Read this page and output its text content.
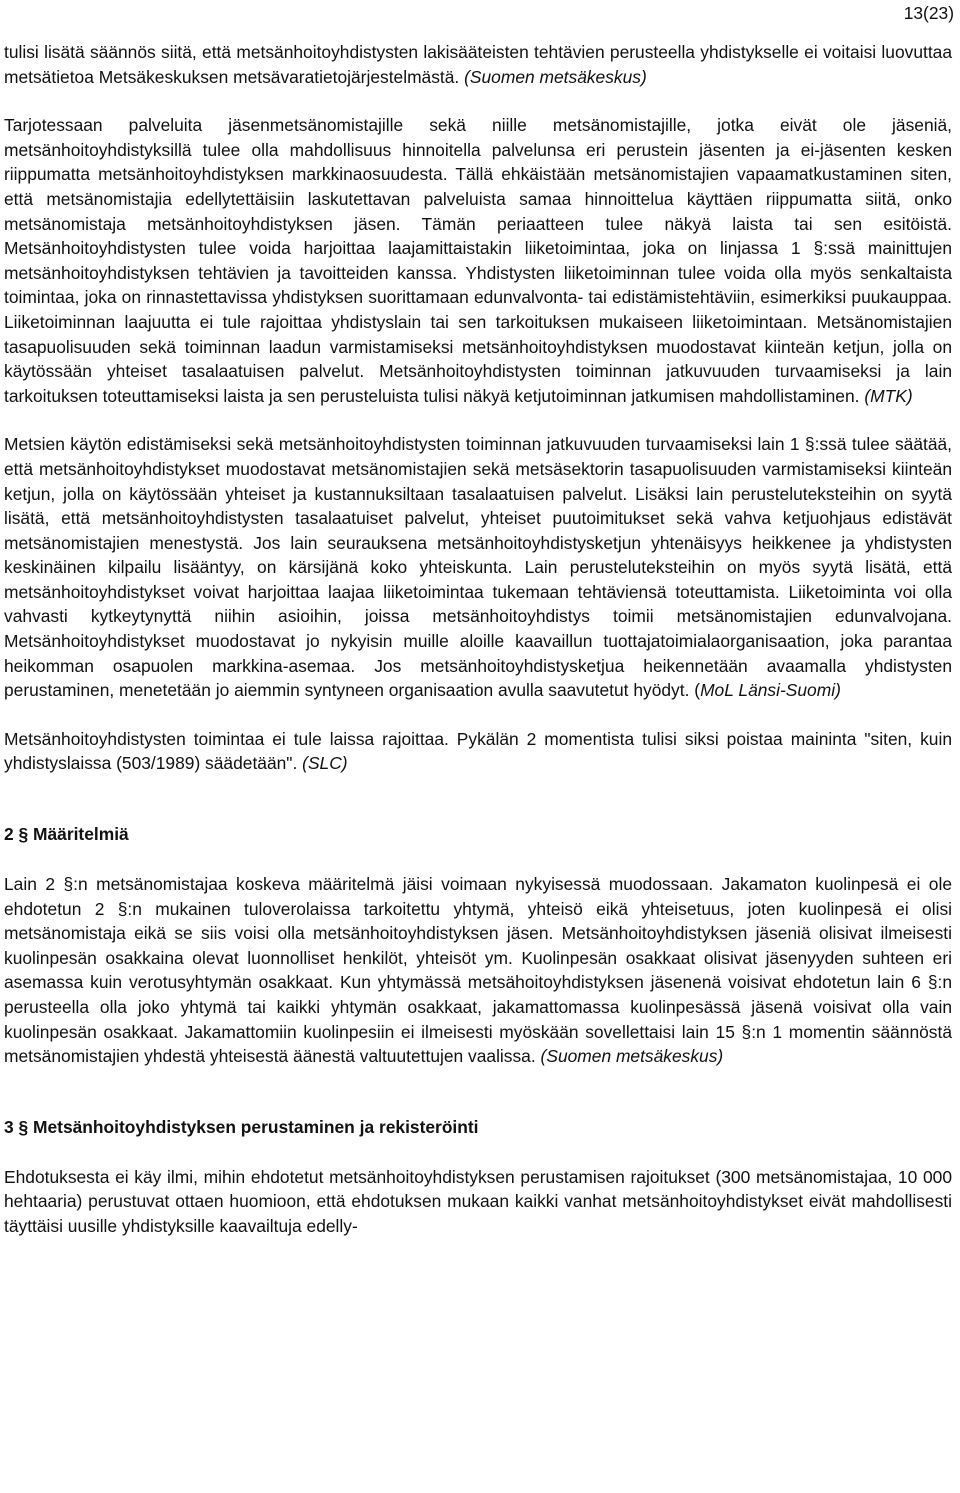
13(23)

tulisi lisätä säännös siitä, että metsänhoitoyhdistysten lakisääteisten tehtävien perusteella yhdistykselle ei voitaisi luovuttaa metsätietoa Metsäkeskuksen metsävaratietojärjestelmästä. (Suomen metsäkeskus)

Tarjotessaan palveluita jäsenmetsänomistajille sekä niille metsänomistajille, jotka eivät ole jäseniä, metsänhoitoyhdistyksillä tulee olla mahdollisuus hinnoitella palvelunsa eri perustein jäsenten ja ei-jäsenten kesken riippumatta metsänhoitoyhdistyksen markkinaosuudesta. Tällä ehkäistään metsänomistajien vapaamatkustaminen siten, että metsänomistajia edellytettäisiin laskutettavan palveluista samaa hinnoittelua käyttäen riippumatta siitä, onko metsänomistaja metsänhoitoyhdistyksen jäsen. Tämän periaatteen tulee näkyä laista tai sen esitöistä. Metsänhoitoyhdistysten tulee voida harjoittaa laajamittaistakin liiketoimintaa, joka on linjassa 1 §:ssä mainittujen metsänhoitoyhdistyksen tehtävien ja tavoitteiden kanssa. Yhdistysten liiketoiminnan tulee voida olla myös senkaltaista toimintaa, joka on rinnastettavissa yhdistyksen suorittamaan edunvalvonta- tai edistämistehtäviin, esimerkiksi puukauppaa. Liiketoiminnan laajuutta ei tule rajoittaa yhdistyslain tai sen tarkoituksen mukaiseen liiketoimintaan. Metsänomistajien tasapuolisuuden sekä toiminnan laadun varmistamiseksi metsänhoitoyhdistyksen muodostavat kiinteän ketjun, jolla on käytössään yhteiset tasalaatuisen palvelut. Metsänhoitoyhdistysten toiminnan jatkuvuuden turvaamiseksi ja lain tarkoituksen toteuttamiseksi laista ja sen perusteluista tulisi näkyä ketjutoiminnan jatkumisen mahdollistaminen. (MTK)

Metsien käytön edistämiseksi sekä metsänhoitoyhdistysten toiminnan jatkuvuuden turvaamiseksi lain 1 §:ssä tulee säätää, että metsänhoitoyhdistykset muodostavat metsänomistajien sekä metsäsektorin tasapuolisuuden varmistamiseksi kiinteän ketjun, jolla on käytössään yhteiset ja kustannuksiltaan tasalaatuisen palvelut. Lisäksi lain perusteluteksteihin on syytä lisätä, että metsänhoitoyhdistysten tasalaatuiset palvelut, yhteiset puutoimitukset sekä vahva ketjuohjaus edistävät metsänomistajien menestystä. Jos lain seurauksena metsänhoitoyhdistysketjun yhtenäisyys heikkenee ja yhdistysten keskinäinen kilpailu lisääntyy, on kärsijänä koko yhteiskunta. Lain perusteluteksteihin on myös syytä lisätä, että metsänhoitoyhdistykset voivat harjoittaa laajaa liiketoimintaa tukemaan tehtäviensä toteuttamista. Liiketoiminta voi olla vahvasti kytkeytynyttä niihin asioihin, joissa metsänhoitoyhdistys toimii metsänomistajien edunvalvojana. Metsänhoitoyhdistykset muodostavat jo nykyisin muille aloille kaavaillun tuottajatoimialaorganisaation, joka parantaa heikomman osapuolen markkina-asemaa. Jos metsänhoitoyhdistysketjua heikennetään avaamalla yhdistysten perustaminen, menetetään jo aiemmin syntyneen organisaation avulla saavutetut hyödyt. (MoL Länsi-Suomi)

Metsänhoitoyhdistysten toimintaa ei tule laissa rajoittaa. Pykälän 2 momentista tulisi siksi poistaa maininta "siten, kuin yhdistyslaissa (503/1989) säädetään". (SLC)

2 § Määritelmiä

Lain 2 §:n metsänomistajaa koskeva määritelmä jäisi voimaan nykyisessä muodossaan. Jakamaton kuolinpesä ei ole ehdotetun 2 §:n mukainen tuloverolaissa tarkoitettu yhtymä, yhteisö eikä yhteisetuus, joten kuolinpesä ei olisi metsänomistaja eikä se siis voisi olla metsänhoitoyhdistyksen jäsen. Metsänhoitoyhdistyksen jäseniä olisivat ilmeisesti kuolinpesän osakkaina olevat luonnolliset henkilöt, yhteisöt ym. Kuolinpesän osakkaat olisivat jäsenyyden suhteen eri asemassa kuin verotusyhtymän osakkaat. Kun yhtymässä metsähoitoyhdistyksen jäsenenä voisivat ehdotetun lain 6 §:n perusteella olla joko yhtymä tai kaikki yhtymän osakkaat, jakamattomassa kuolinpesässä jäsenä voisivat olla vain kuolinpesän osakkaat. Jakamattomiin kuolinpesiin ei ilmeisesti myöskään sovellettaisi lain 15 §:n 1 momentin säännöstä metsänomistajien yhdestä yhteisestä äänestä valtuutettujen vaalissa. (Suomen metsäkeskus)

3 § Metsänhoitoyhdistyksen perustaminen ja rekisteröinti

Ehdotuksesta ei käy ilmi, mihin ehdotetut metsänhoitoyhdistyksen perustamisen rajoitukset (300 metsänomistajaa, 10 000 hehtaaria) perustuvat ottaen huomioon, että ehdotuksen mukaan kaikki vanhat metsänhoitoyhdistykset eivät mahdollisesti täyttäisi uusille yhdistyksille kaavailtuja edelly-
